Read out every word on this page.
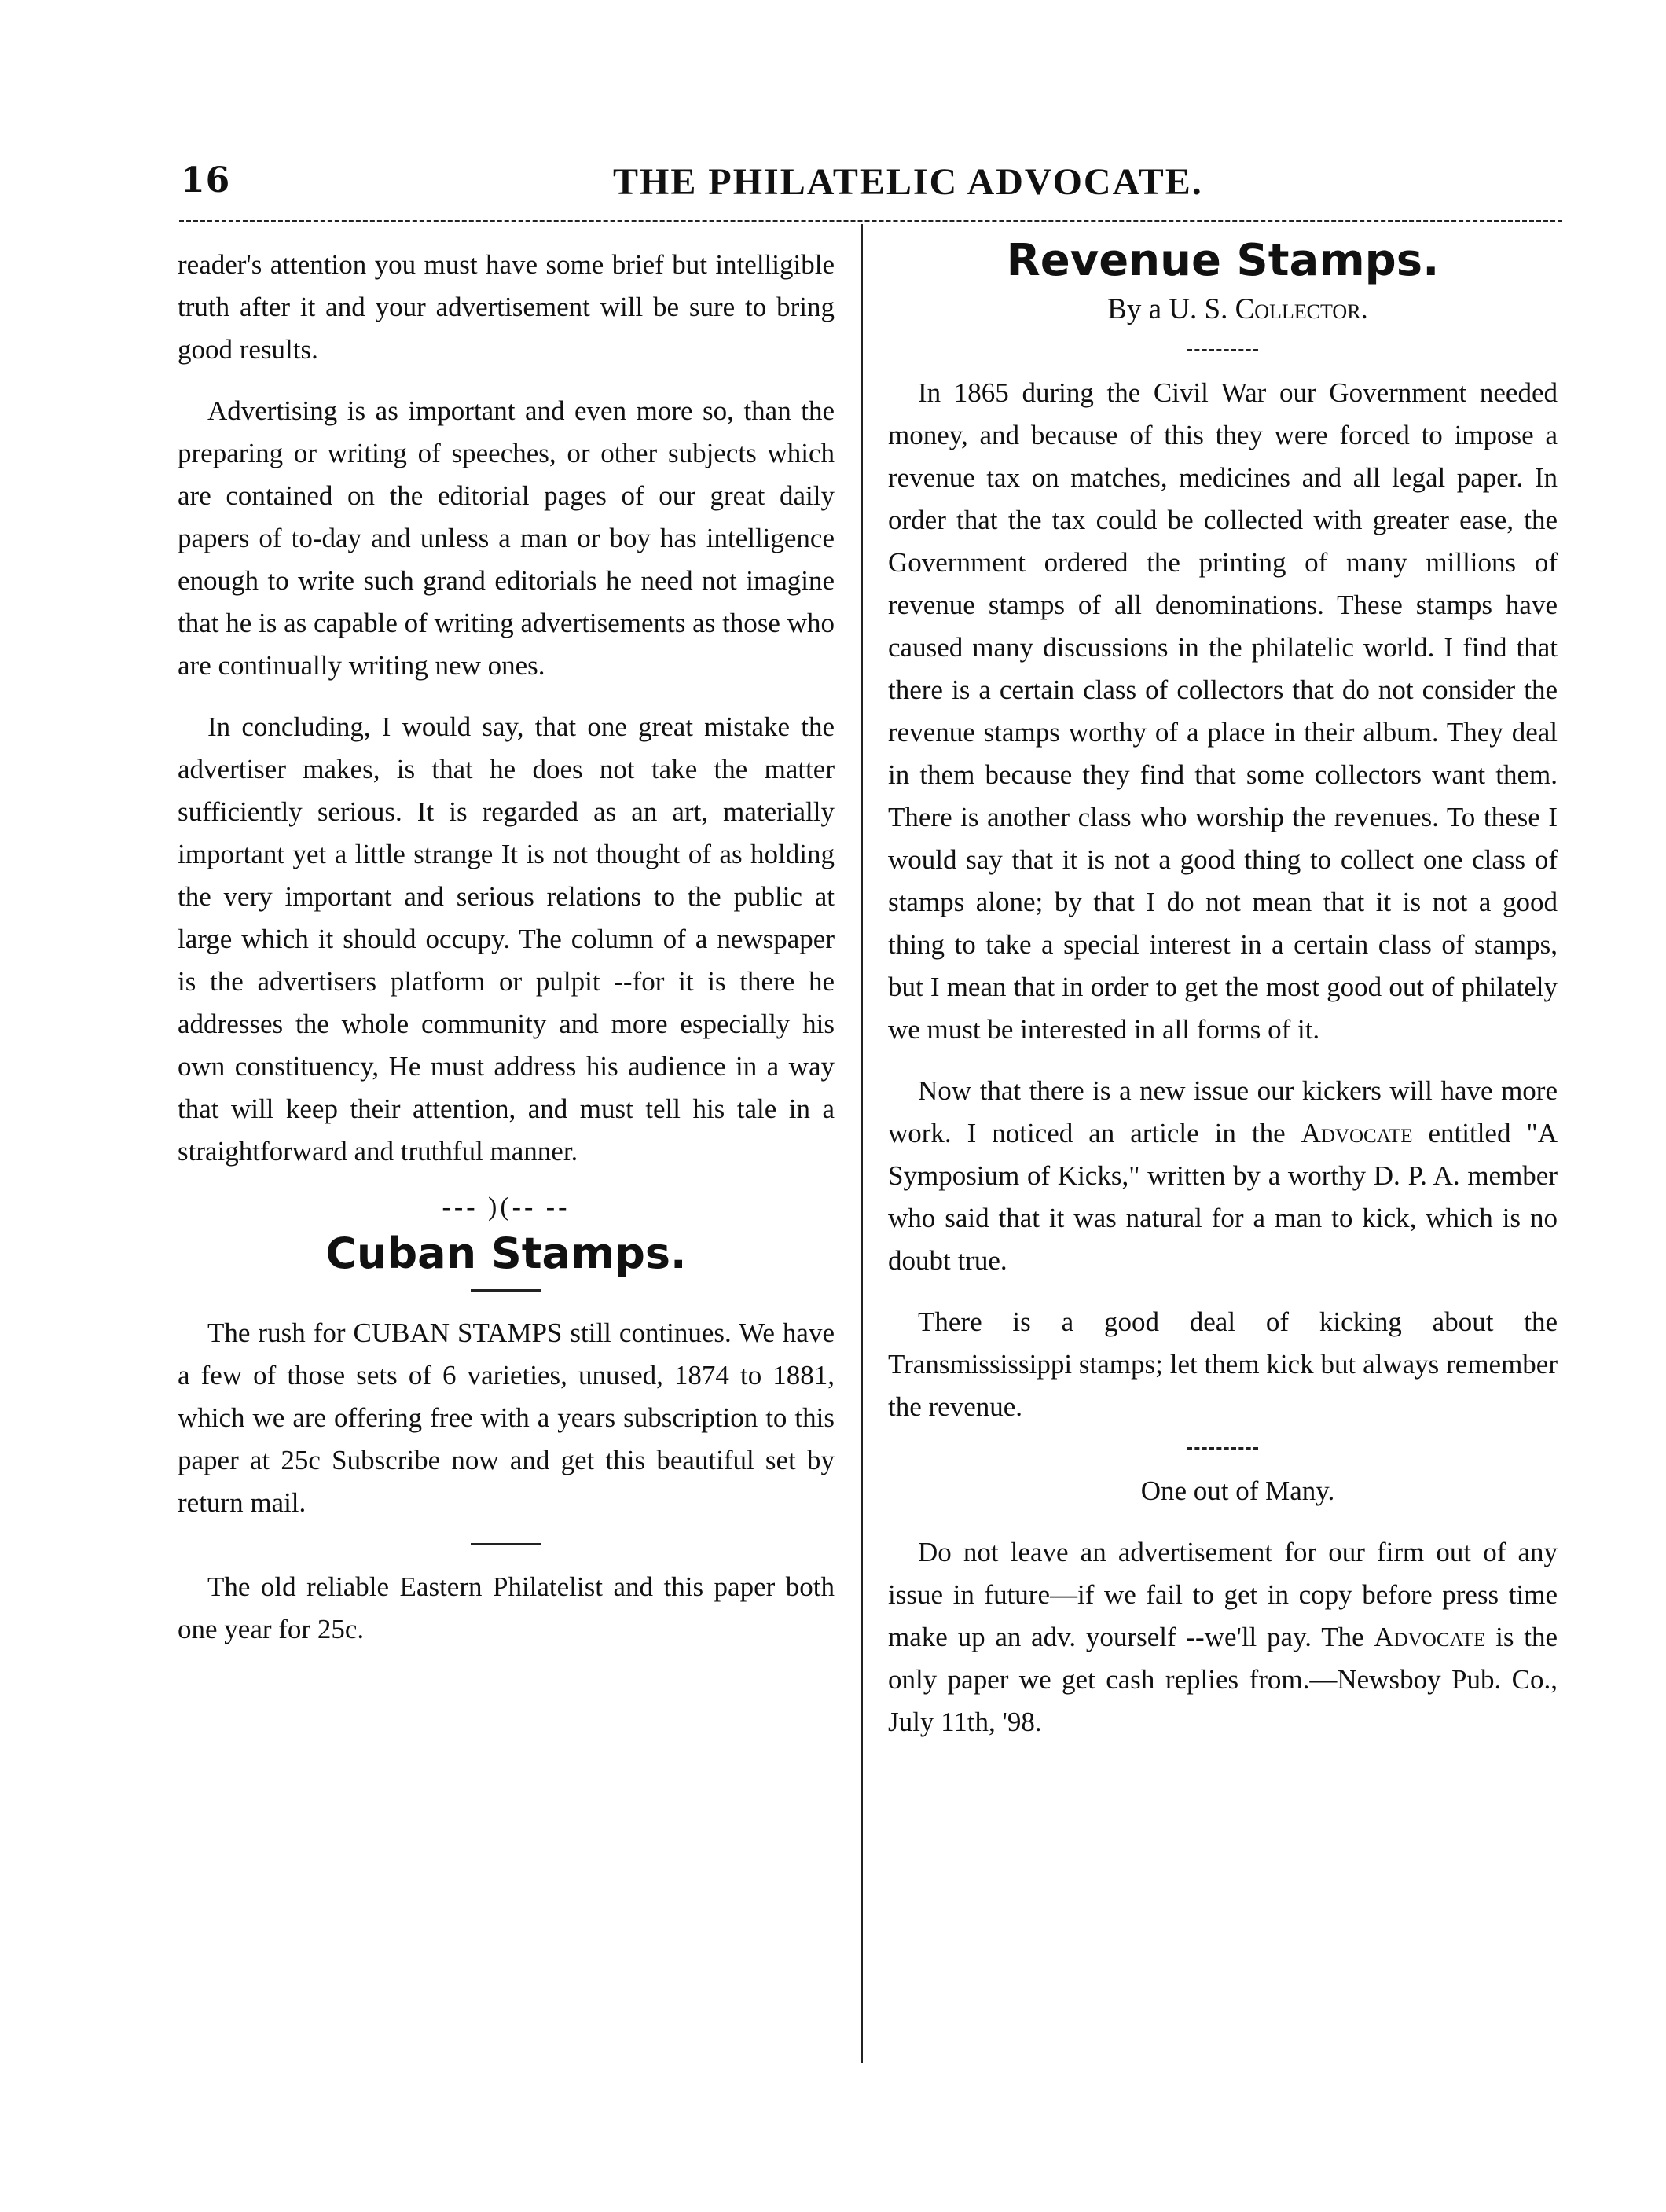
16	THE PHILATELIC ADVOCATE.

reader's attention you must have some brief but intelligible truth after it and your advertisement will be sure to bring good results.

Advertising is as important and even more so, than the preparing or writing of speeches, or other subjects which are contained on the editorial pages of our great daily papers of to-day and unless a man or boy has intelligence enough to write such grand editorials he need not imagine that he is as capable of writing advertisements as those who are continually writing new ones.

In concluding, I would say, that one great mistake the advertiser makes, is that he does not take the matter sufficiently serious. It is regarded as an art, materially important yet a little strange It is not thought of as holding the very important and serious relations to the public at large which it should occupy. The column of a newspaper is the advertisers platform or pulpit --for it is there he addresses the whole community and more especially his own constituency, He must address his audience in a way that will keep their attention, and must tell his tale in a straightforward and truthful manner.

--- )(-- --
Cuban Stamps.

The rush for CUBAN STAMPS still continues. We have a few of those sets of 6 varieties, unused, 1874 to 1881, which we are offering free with a years subscription to this paper at 25c Subscribe now and get this beautiful set by return mail.

The old reliable Eastern Philatelist and this paper both one year for 25c.

Revenue Stamps.

By a U. S. Collector.

In 1865 during the Civil War our Government needed money, and because of this they were forced to impose a revenue tax on matches, medicines and all legal paper. In order that the tax could be collected with greater ease, the Government ordered the printing of many millions of revenue stamps of all denominations. These stamps have caused many discussions in the philatelic world. I find that there is a certain class of collectors that do not consider the revenue stamps worthy of a place in their album. They deal in them because they find that some collectors want them. There is another class who worship the revenues. To these I would say that it is not a good thing to collect one class of stamps alone; by that I do not mean that it is not a good thing to take a special interest in a certain class of stamps, but I mean that in order to get the most good out of philately we must be interested in all forms of it.

Now that there is a new issue our kickers will have more work. I noticed an article in the Advocate entitled "A Symposium of Kicks," written by a worthy D. P. A. member who said that it was natural for a man to kick, which is no doubt true.

There is a good deal of kicking about the Transmississippi stamps; let them kick but always remember the revenue.

One out of Many.

Do not leave an advertisement for our firm out of any issue in future—if we fail to get in copy before press time make up an adv. yourself --we'll pay. The Advocate is the only paper we get cash replies from.—Newsboy Pub. Co., July 11th, '98.
